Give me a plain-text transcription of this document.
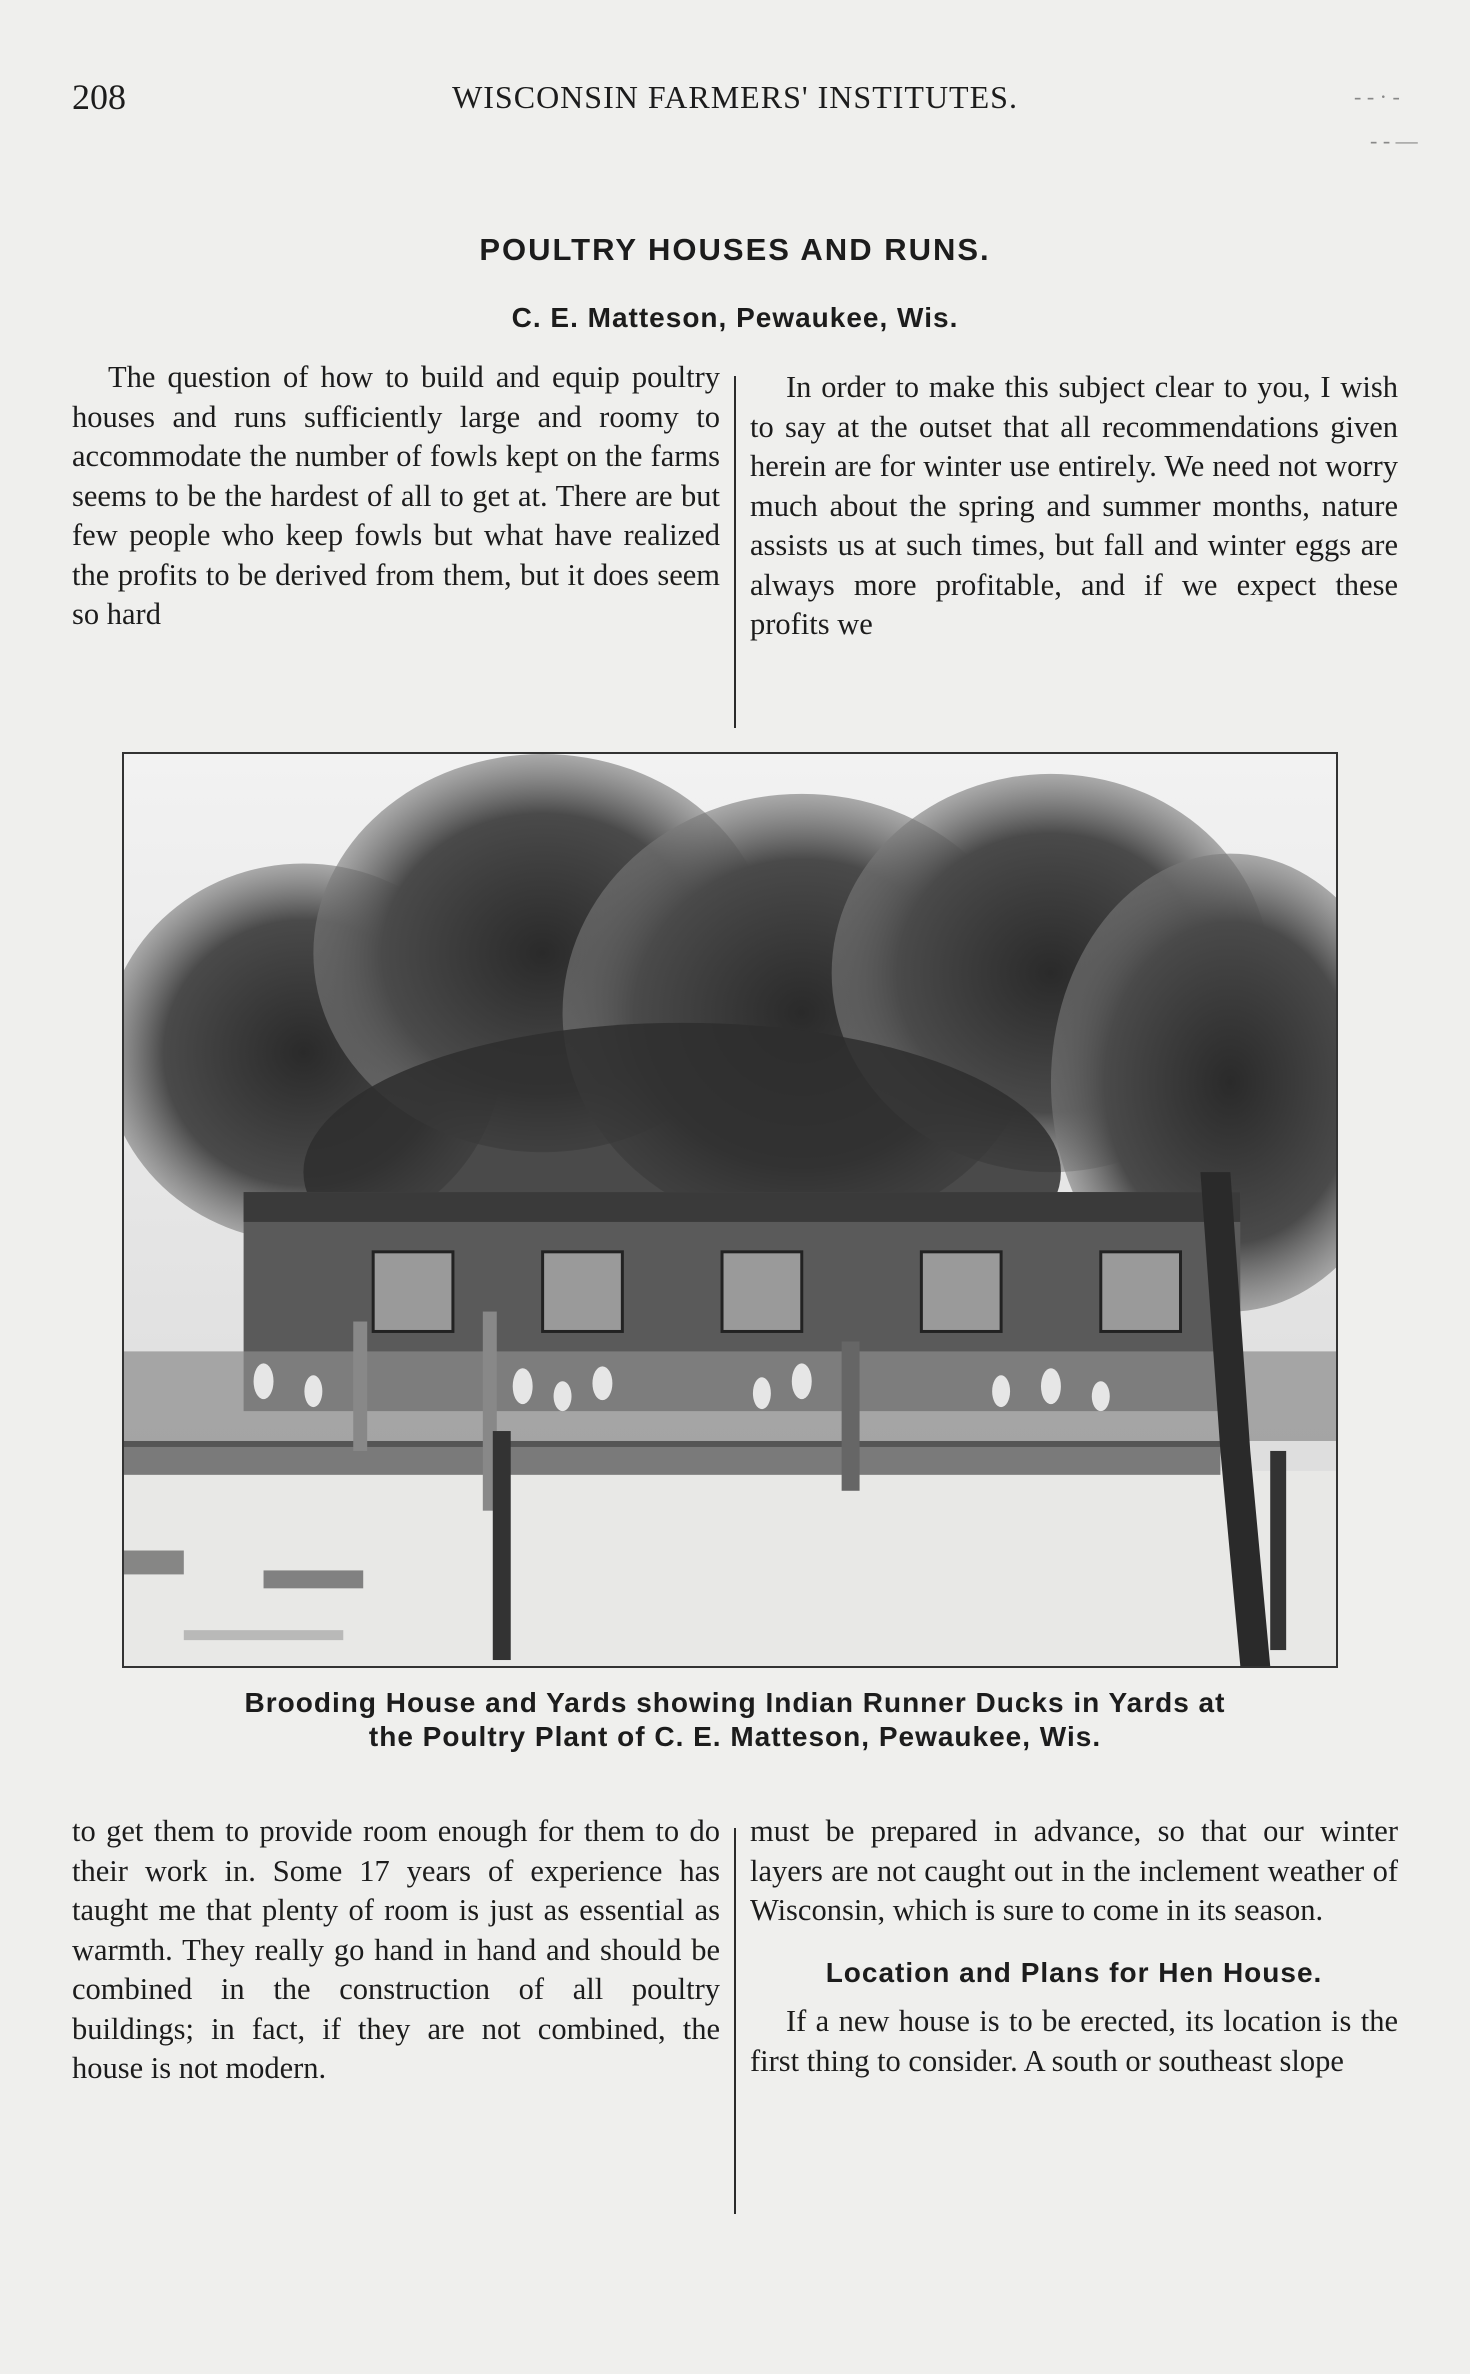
208	WISCONSIN FARMERS' INSTITUTES.	- - · -
- - —
POULTRY HOUSES AND RUNS.
C. E. Matteson, Pewaukee, Wis.

The question of how to build and equip poultry houses and runs sufficiently large and roomy to accommodate the number of fowls kept on the farms seems to be the hardest of all to get at. There are but few people who keep fowls but what have realized the profits to be derived from them, but it does seem so hard

In order to make this subject clear to you, I wish to say at the outset that all recommendations given herein are for winter use entirely. We need not worry much about the spring and summer months, nature assists us at such times, but fall and winter eggs are always more profitable, and if we expect these profits we

Brooding House and Yards showing Indian Runner Ducks in Yards at
the Poultry Plant of C. E. Matteson, Pewaukee, Wis.

to get them to provide room enough for them to do their work in. Some 17 years of experience has taught me that plenty of room is just as essential as warmth. They really go hand in hand and should be combined in the construction of all poultry buildings; in fact, if they are not combined, the house is not modern.

must be prepared in advance, so that our winter layers are not caught out in the inclement weather of Wisconsin, which is sure to come in its season.

Location and Plans for Hen House.

If a new house is to be erected, its location is the first thing to consider. A south or southeast slope
